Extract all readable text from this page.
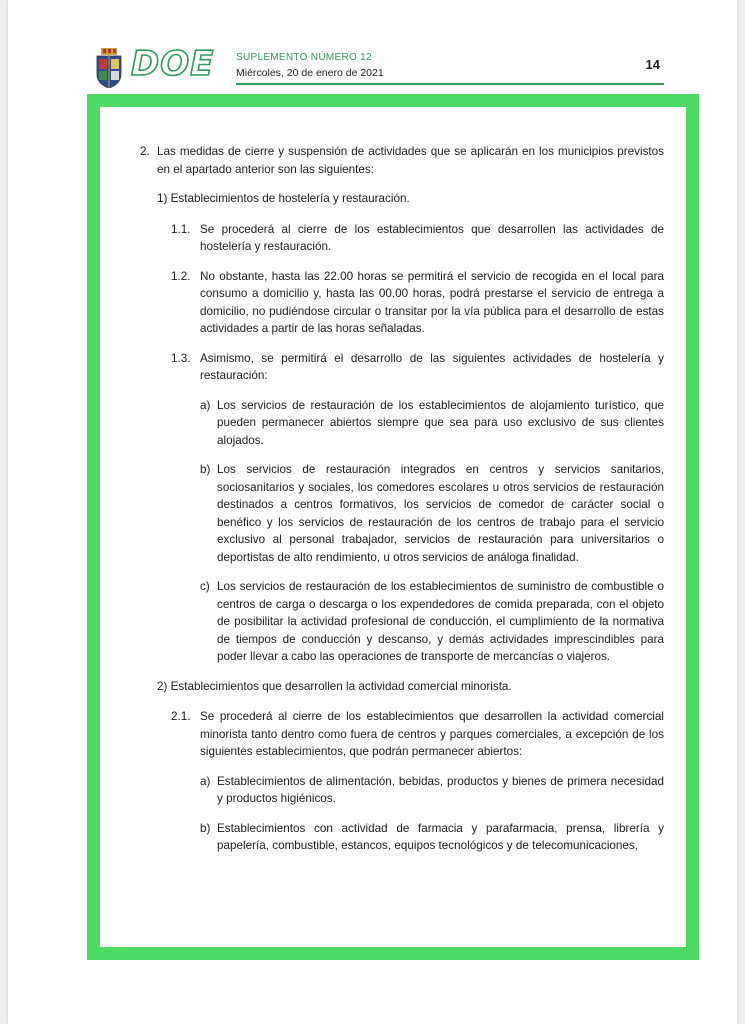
DOE SUPLEMENTO NÚMERO 12
Miércoles, 20 de enero de 2021
14
2. Las medidas de cierre y suspensión de actividades que se aplicarán en los municipios previstos en el apartado anterior son las siguientes:
1) Establecimientos de hostelería y restauración.
1.1. Se procederá al cierre de los establecimientos que desarrollen las actividades de hostelería y restauración.
1.2. No obstante, hasta las 22.00 horas se permitirá el servicio de recogida en el local para consumo a domicilio y, hasta las 00.00 horas, podrá prestarse el servicio de entrega a domicilio, no pudiéndose circular o transitar por la vía pública para el desarrollo de estas actividades a partir de las horas señaladas.
1.3. Asimismo, se permitirá el desarrollo de las siguientes actividades de hostelería y restauración:
a) Los servicios de restauración de los establecimientos de alojamiento turístico, que pueden permanecer abiertos siempre que sea para uso exclusivo de sus clientes alojados.
b) Los servicios de restauración integrados en centros y servicios sanitarios, sociosanitarios y sociales, los comedores escolares u otros servicios de restauración destinados a centros formativos, los servicios de comedor de carácter social o benéfico y los servicios de restauración de los centros de trabajo para el servicio exclusivo al personal trabajador, servicios de restauración para universitarios o deportistas de alto rendimiento, u otros servicios de análoga finalidad.
c) Los servicios de restauración de los establecimientos de suministro de combustible o centros de carga o descarga o los expendedores de comida preparada, con el objeto de posibilitar la actividad profesional de conducción, el cumplimiento de la normativa de tiempos de conducción y descanso, y demás actividades imprescindibles para poder llevar a cabo las operaciones de transporte de mercancías o viajeros.
2) Establecimientos que desarrollen la actividad comercial minorista.
2.1. Se procederá al cierre de los establecimientos que desarrollen la actividad comercial minorista tanto dentro como fuera de centros y parques comerciales, a excepción de los siguientes establecimientos, que podrán permanecer abiertos:
a) Establecimientos de alimentación, bebidas, productos y bienes de primera necesidad y productos higiénicos.
b) Establecimientos con actividad de farmacia y parafarmacia, prensa, librería y papelería, combustible, estancos, equipos tecnológicos y de telecomunicaciones,
